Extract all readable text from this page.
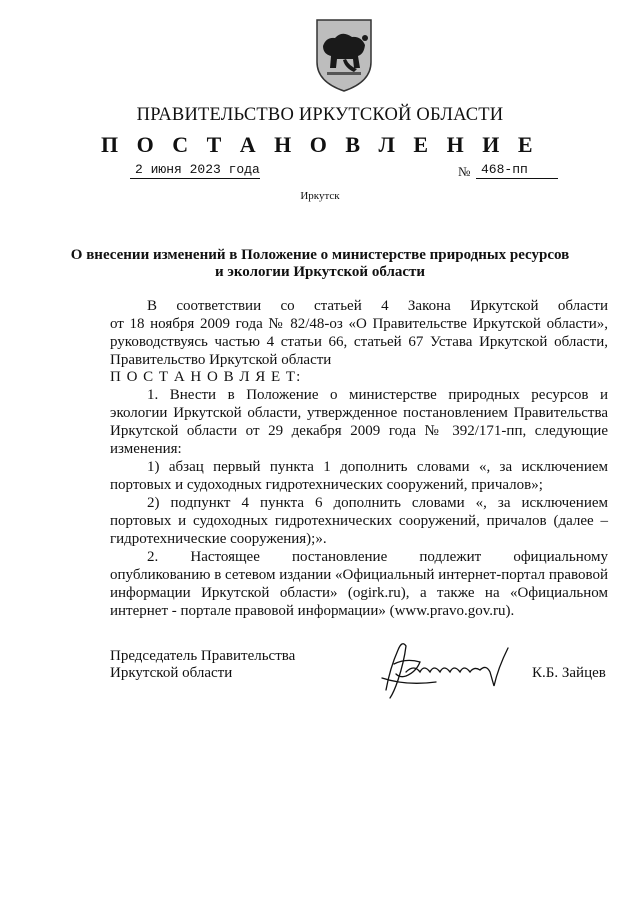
ПРАВИТЕЛЬСТВО ИРКУТСКОЙ ОБЛАСТИ
П О С Т А Н О В Л Е Н И Е
2 июня 2023 года	№ 468-пп
Иркутск
О внесении изменений в Положение о министерстве природных ресурсов
и экологии Иркутской области
В соответствии со статьей 4 Закона Иркутской области
от 18 ноября 2009 года № 82/48-оз «О Правительстве Иркутской области»,
руководствуясь частью 4 статьи 66, статьей 67 Устава Иркутской области,
Правительство Иркутской области
П О С Т А Н О В Л Я Е Т:
1. Внести в Положение о министерстве природных ресурсов и
экологии Иркутской области, утвержденное постановлением Правительства
Иркутской области от 29 декабря 2009 года № 392/171-пп, следующие
изменения:
1) абзац первый пункта 1 дополнить словами «, за исключением
портовых и судоходных гидротехнических сооружений, причалов»;
2) подпункт 4 пункта 6 дополнить словами «, за исключением
портовых и судоходных гидротехнических сооружений, причалов (далее –
гидротехнические сооружения);».
2. Настоящее постановление подлежит официальному
опубликованию в сетевом издании «Официальный интернет-портал правовой
информации Иркутской области» (ogirk.ru), а также на «Официальном
интернет - портале правовой информации» (www.pravo.gov.ru).
Председатель Правительства
Иркутской области	К.Б. Зайцев
